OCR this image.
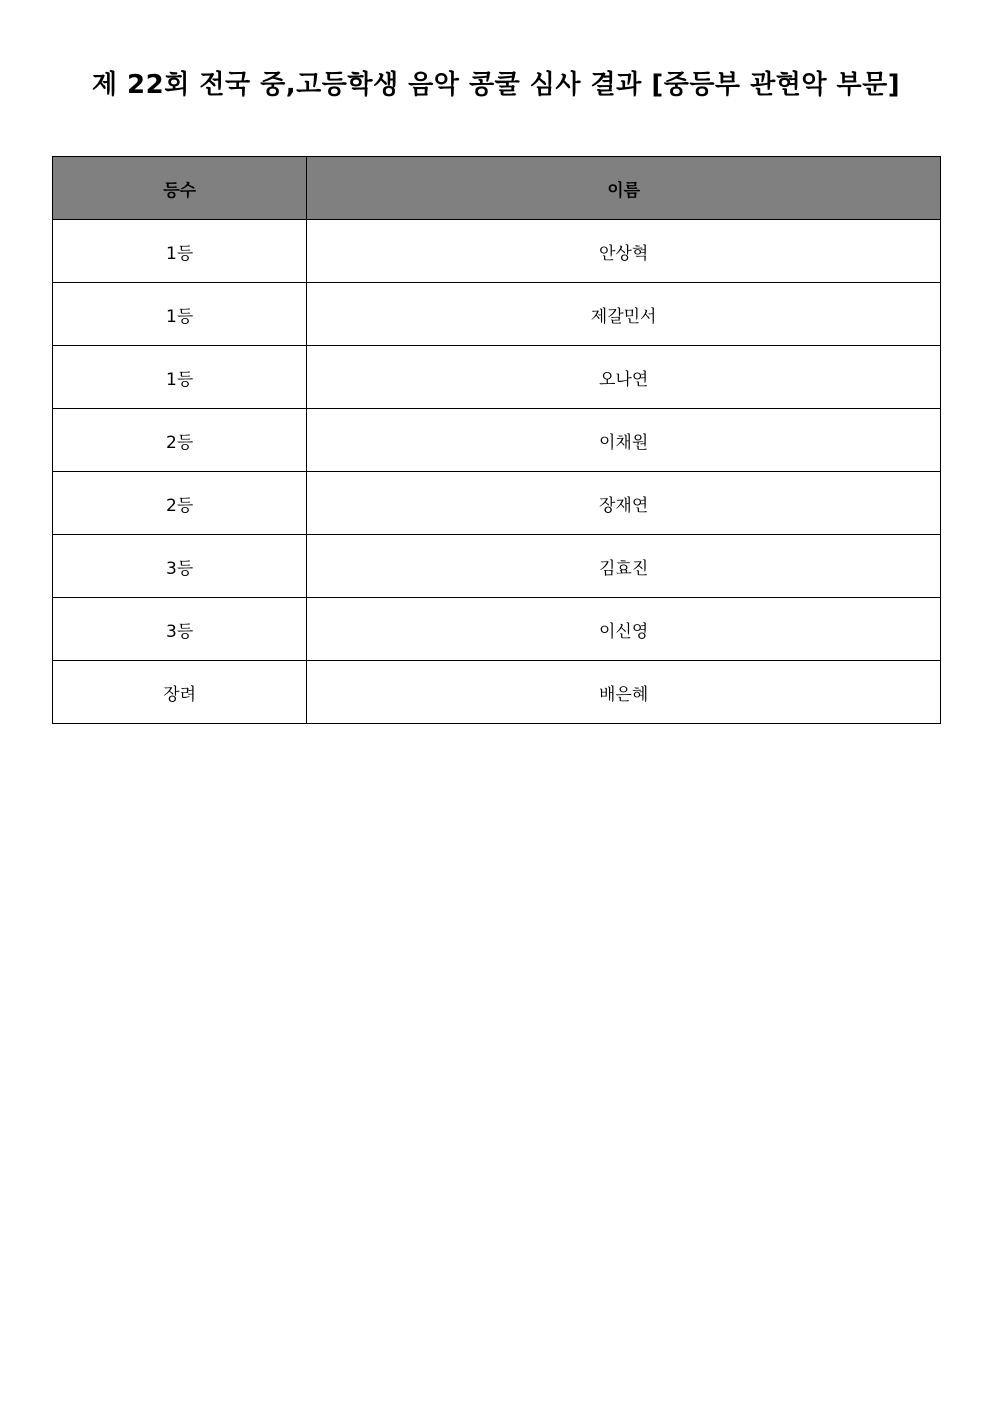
제 22회 전국 중,고등학생 음악 콩쿨 심사 결과 [중등부 관현악 부문]
등수	이름
1등	안상혁
1등	제갈민서
1등	오나연
2등	이채원
2등	장재연
3등	김효진
3등	이신영
장려	배은혜
